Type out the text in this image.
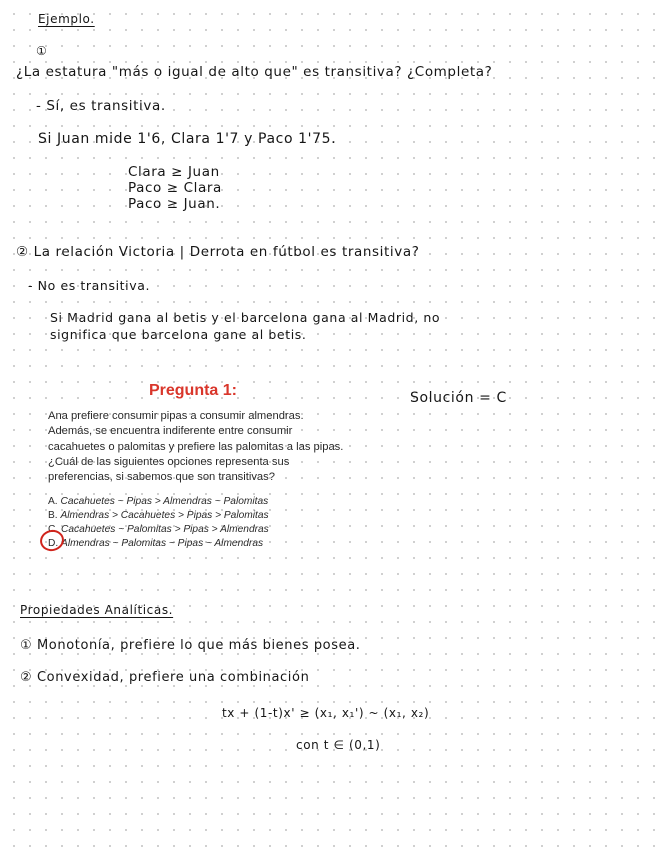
Ejemplo.
①
¿La estatura "más o igual de alto que" es transitiva? ¿Completa?
- Sí, es transitiva.
Si Juan mide 1'6, Clara 1'7 y Paco 1'75.
Clara ≥ Juan
Paco ≥ Clara
Paco ≥ Juan.
② La relación Victoria | Derrota en fútbol es transitiva?
- No es transitiva.
Si Madrid gana al betis y el barcelona gana al Madrid, no
significa que barcelona gane al betis.
Pregunta 1:
Ana prefiere consumir pipas a consumir almendras. Además, se encuentra indiferente entre consumir cacahuetes o palomitas y prefiere las palomitas a las pipas. ¿Cuál de las siguientes opciones representa sus preferencias, si sabemos que son transitivas?
A. Cacahuetes ~ Pipas > Almendras ~ Palomitas
B. Almendras > Cacahuetes > Pipas > Palomitas
C. Cacahuetes ~ Palomitas > Pipas > Almendras
D. Almendras ~ Palomitas ~ Pipas ~ Almendras
Solución = C
Propiedades Analíticas.
① Monotonía, prefiere lo que más bienes posea.
② Convexidad, prefiere una combinación
tx + (1-t)x' ≥ (x₁, x₁') ~ (x₁, x₂)
con t ∈ (0,1)
